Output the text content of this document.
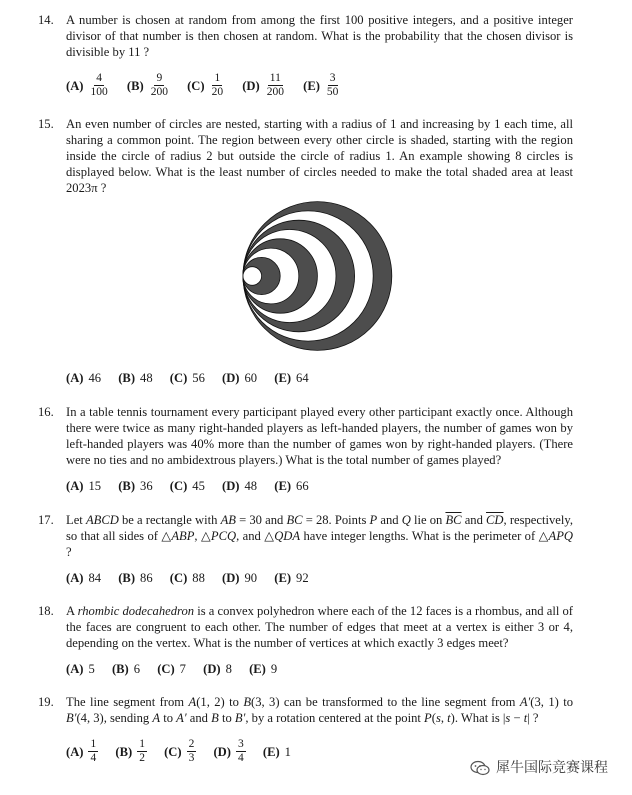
14. A number is chosen at random from among the first 100 positive integers, and a positive integer divisor of that number is then chosen at random. What is the probability that the chosen divisor is divisible by 11 ?
$(A) \frac{4}{100}$
$(B) \frac{9}{200}$
$(C) \frac{1}{20}$
$(D) \frac{11}{200}$
$(E) \frac{3}{50}$
15. An even number of circles are nested, starting with a radius of 1 and increasing by 1 each time, all sharing a common point. The region between every other circle is shaded, starting with the region inside the circle of radius 2 but outside the circle of radius 1. An example showing 8 circles is displayed below. What is the least number of circles needed to make the total shaded area at least 2023π ?
(A) 46
(B) 48
(C) 56
(D) 60
(E) 64
16. In a table tennis tournament every participant played every other participant exactly once. Although there were twice as many right-handed players as left-handed players, the number of games won by left-handed players was 40% more than the number of games won by right-handed players. (There were no ties and no ambidextrous players.) What is the total number of games played?
(A) 15
(B) 36
(C) 45
(D) 48
(E) 66
17. Let ABCD be a rectangle with AB = 30 and BC = 28. Points P and Q lie on $\overline{BC}$ and $\overline{CD}$, respectively, so that all sides of △ABP, △PCQ, and △QDA have integer lengths. What is the perimeter of △APQ ?
(A) 84
(B) 86
(C) 88
(D) 90
(E) 92
18. A rhombic dodecahedron is a convex polyhedron where each of the 12 faces is a rhombus, and all of the faces are congruent to each other. The number of edges that meet at a vertex is either 3 or 4, depending on the vertex. What is the number of vertices at which exactly 3 edges meet?
(A) 5
(B) 6
(C) 7
(D) 8
(E) 9
19. The line segment from A(1, 2) to B(3, 3) can be transformed to the line segment from A′(3, 1) to B′(4, 3), sending A to A′ and B to B′, by a rotation centered at the point P(s, t). What is |s − t| ?
$(A) \frac{1}{4}$
$(B) \frac{1}{2}$
$(C) \frac{2}{3}$
$(D) \frac{3}{4}$
(E) 1
犀牛国际竞赛课程
